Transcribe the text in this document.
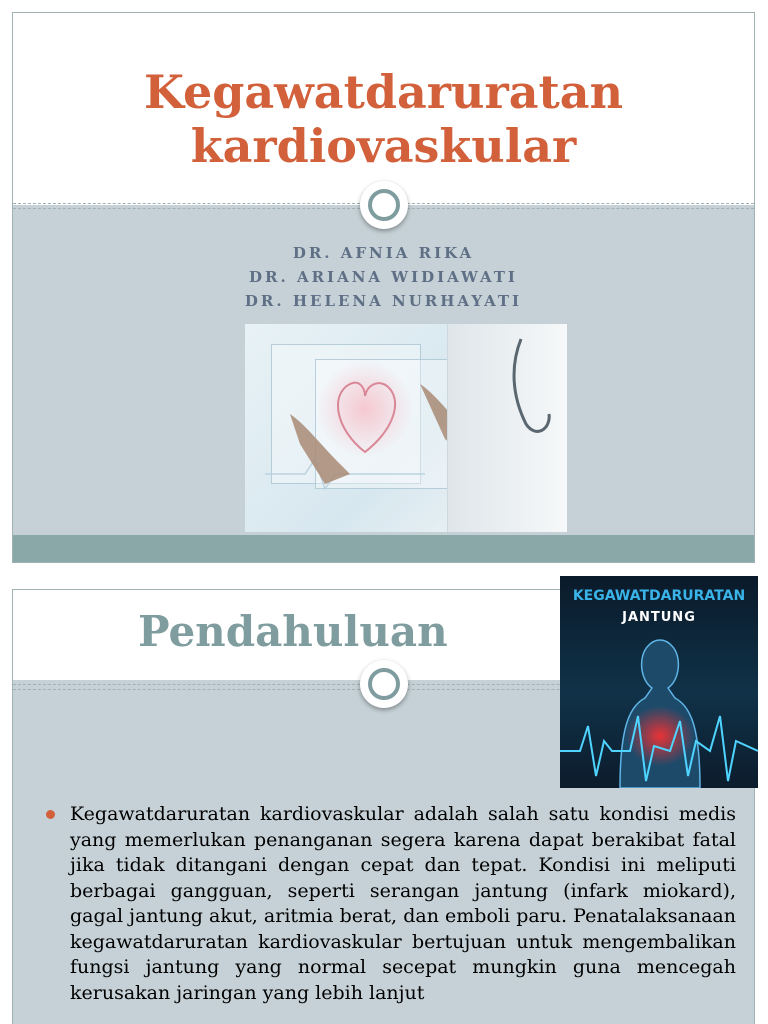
Kegawatdaruratan
kardiovaskular
DR. AFNIA RIKA
DR. ARIANA WIDIAWATI
DR. HELENA NURHAYATI
Pendahuluan

Kegawatdaruratan kardiovaskular adalah salah satu kondisi medis yang memerlukan penanganan segera karena dapat berakibat fatal jika tidak ditangani dengan cepat dan tepat. Kondisi ini meliputi berbagai gangguan, seperti serangan jantung (infark miokard), gagal jantung akut, aritmia berat, dan emboli paru. Penatalaksanaan kegawatdaruratan kardiovaskular bertujuan untuk mengembalikan fungsi jantung yang normal secepat mungkin guna mencegah kerusakan jaringan yang lebih lanjut

KEGAWATDARURATAN
JANTUNG
